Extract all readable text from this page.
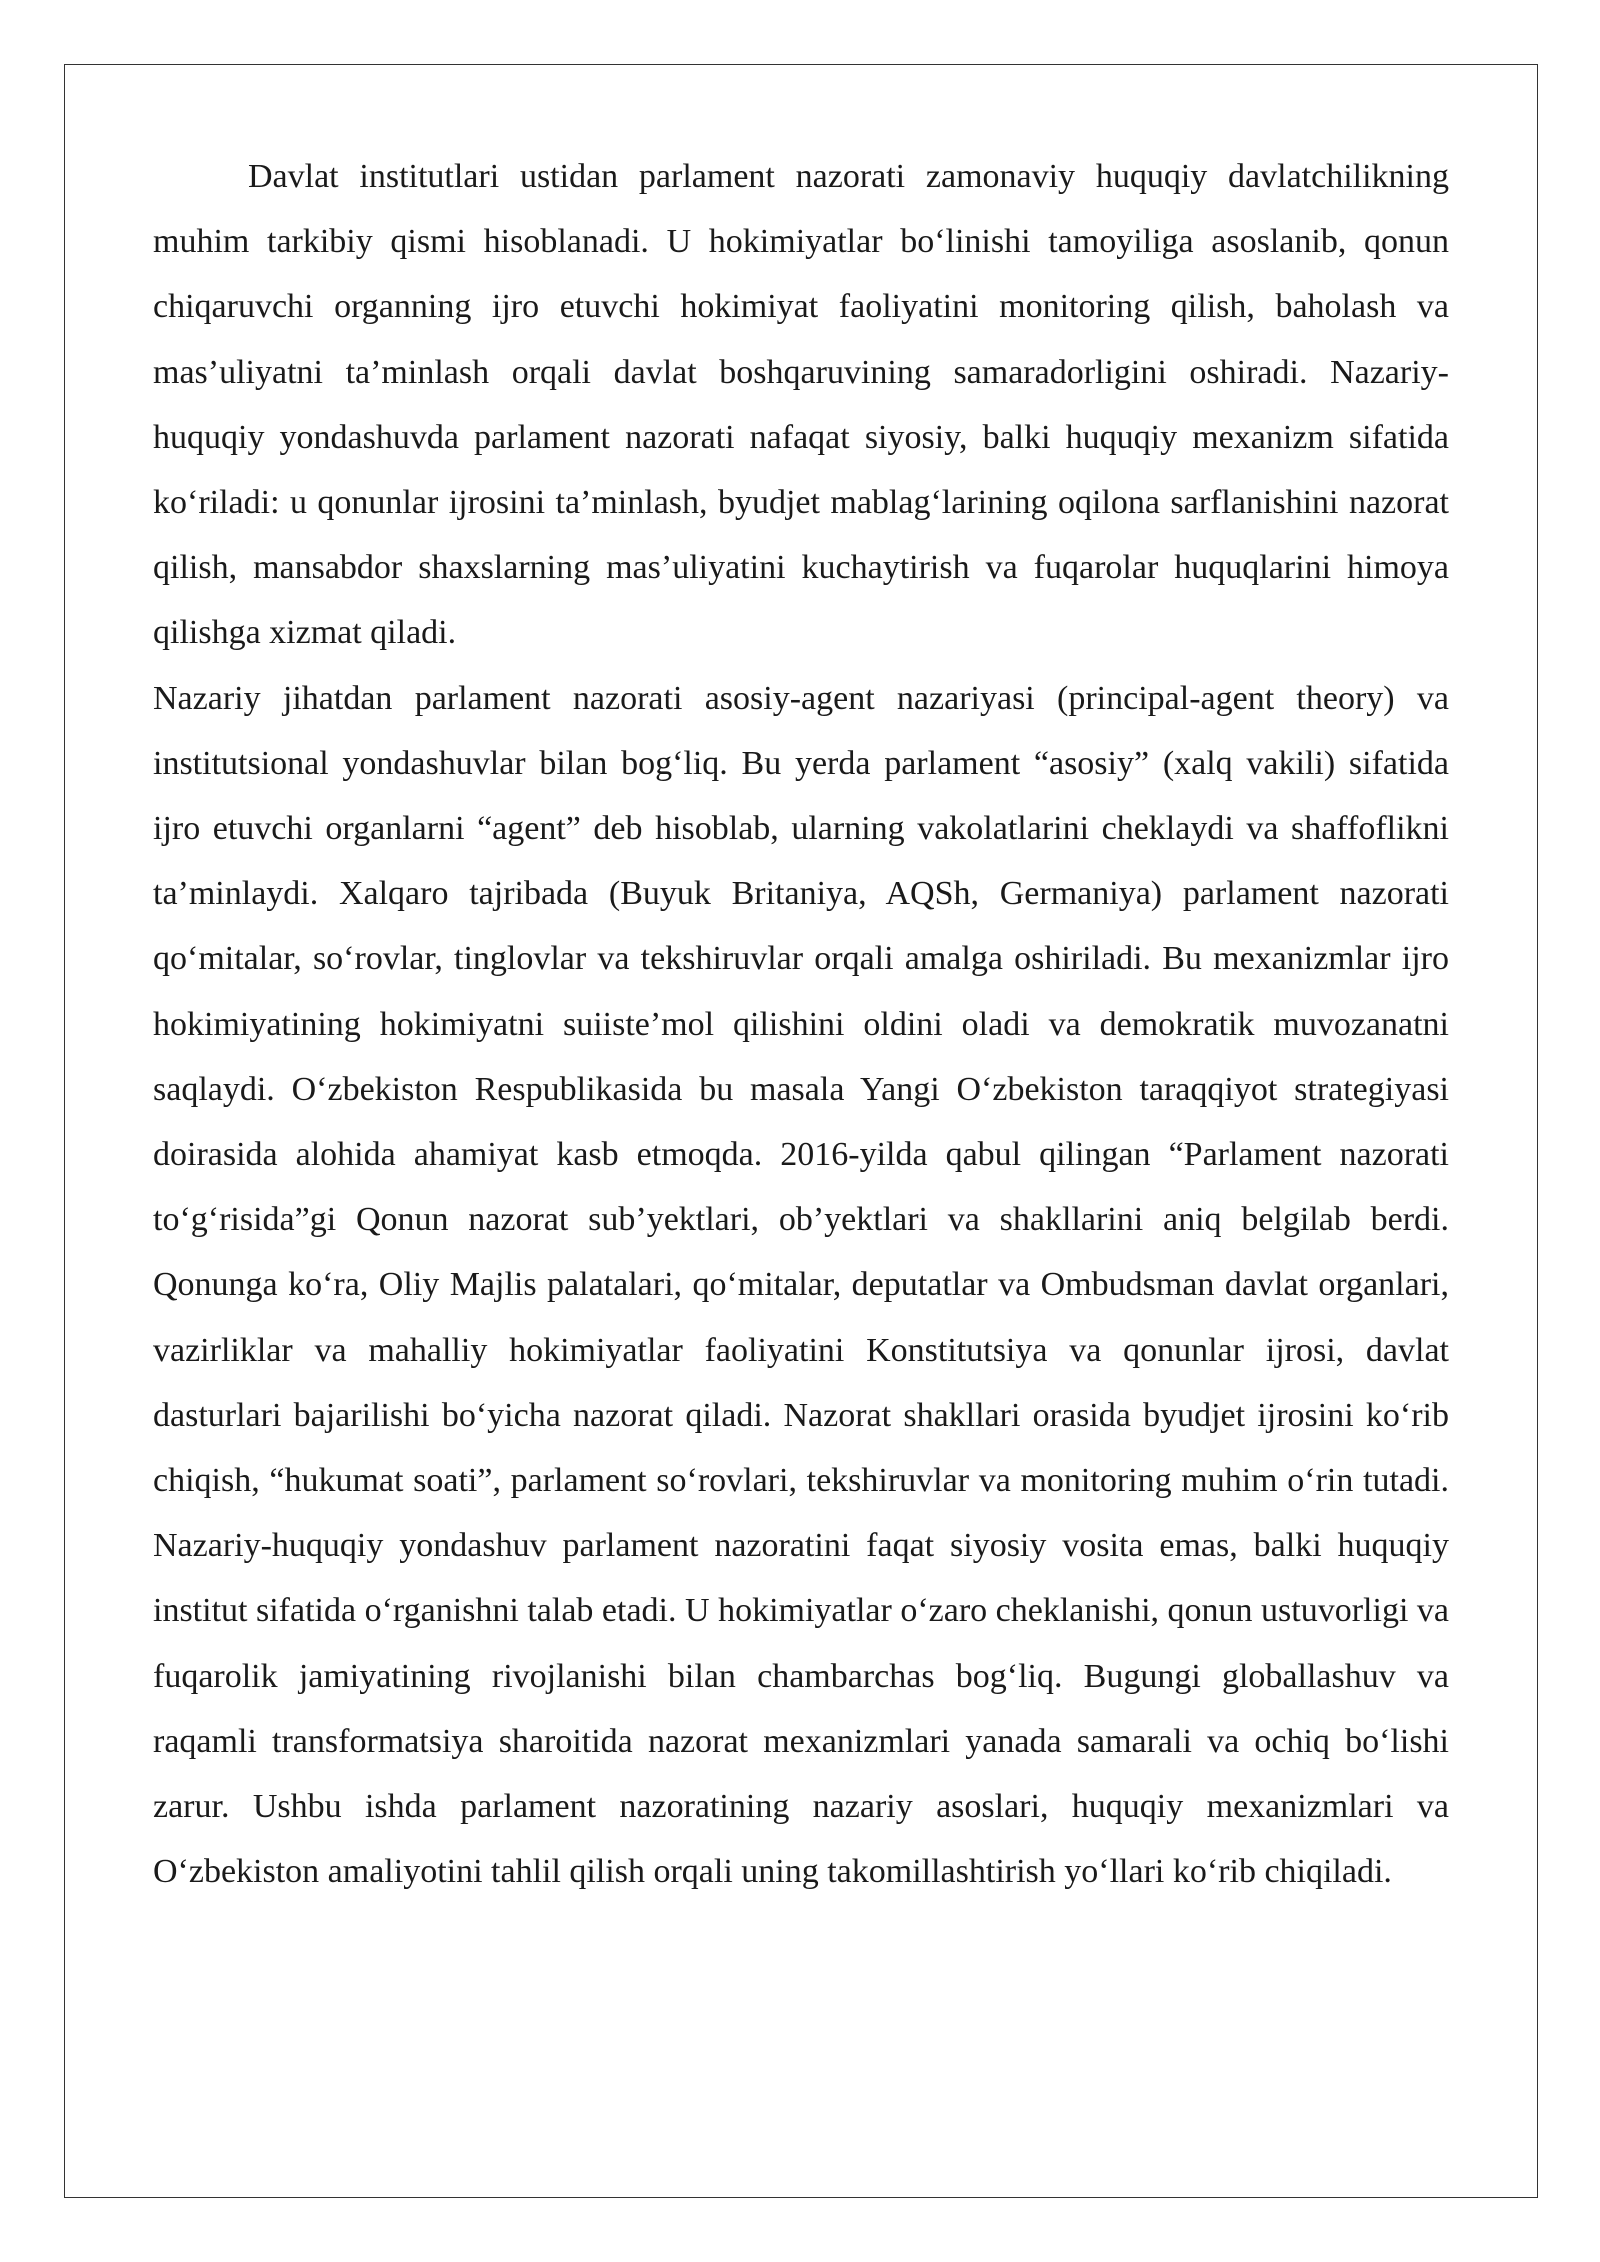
Davlat institutlari ustidan parlament nazorati zamonaviy huquqiy davlatchilikning muhim tarkibiy qismi hisoblanadi. U hokimiyatlar boʻlinishi tamoyiliga asoslanib, qonun chiqaruvchi organning ijro etuvchi hokimiyat faoliyatini monitoring qilish, baholash va mas’uliyatni ta’minlash orqali davlat boshqaruvining samaradorligini oshiradi. Nazariy-huquqiy yondashuvda parlament nazorati nafaqat siyosiy, balki huquqiy mexanizm sifatida koʻriladi: u qonunlar ijrosini ta’minlash, byudjet mablagʻlarining oqilona sarflanishini nazorat qilish, mansabdor shaxslarning mas’uliyatini kuchaytirish va fuqarolar huquqlarini himoya qilishga xizmat qiladi.

Nazariy jihatdan parlament nazorati asosiy-agent nazariyasi (principal-agent theory) va institutsional yondashuvlar bilan bogʻliq. Bu yerda parlament “asosiy” (xalq vakili) sifatida ijro etuvchi organlarni “agent” deb hisoblab, ularning vakolatlarini cheklaydi va shaffoflikni ta’minlaydi. Xalqaro tajribada (Buyuk Britaniya, AQSh, Germaniya) parlament nazorati qoʻmitalar, soʻrovlar, tinglovlar va tekshiruvlar orqali amalga oshiriladi. Bu mexanizmlar ijro hokimiyatining hokimiyatni suiiste’mol qilishini oldini oladi va demokratik muvozanatni saqlaydi. Oʻzbekiston Respublikasida bu masala Yangi Oʻzbekiston taraqqiyot strategiyasi doirasida alohida ahamiyat kasb etmoqda. 2016-yilda qabul qilingan “Parlament nazorati toʻgʻrisida”gi Qonun nazorat sub’yektlari, ob’yektlari va shakllarini aniq belgilab berdi. Qonunga koʻra, Oliy Majlis palatalari, qoʻmitalar, deputatlar va Ombudsman davlat organlari, vazirliklar va mahalliy hokimiyatlar faoliyatini Konstitutsiya va qonunlar ijrosi, davlat dasturlari bajarilishi boʻyicha nazorat qiladi. Nazorat shakllari orasida byudjet ijrosini koʻrib chiqish, “hukumat soati”, parlament soʻrovlari, tekshiruvlar va monitoring muhim oʻrin tutadi. Nazariy-huquqiy yondashuv parlament nazoratini faqat siyosiy vosita emas, balki huquqiy institut sifatida oʻrganishni talab etadi. U hokimiyatlar oʻzaro cheklanishi, qonun ustuvorligi va fuqarolik jamiyatining rivojlanishi bilan chambarchas bogʻliq. Bugungi globallashuv va raqamli transformatsiya sharoitida nazorat mexanizmlari yanada samarali va ochiq boʻlishi zarur. Ushbu ishda parlament nazoratining nazariy asoslari, huquqiy mexanizmlari va Oʻzbekiston amaliyotini tahlil qilish orqali uning takomillashtirish yoʻllari koʻrib chiqiladi.
